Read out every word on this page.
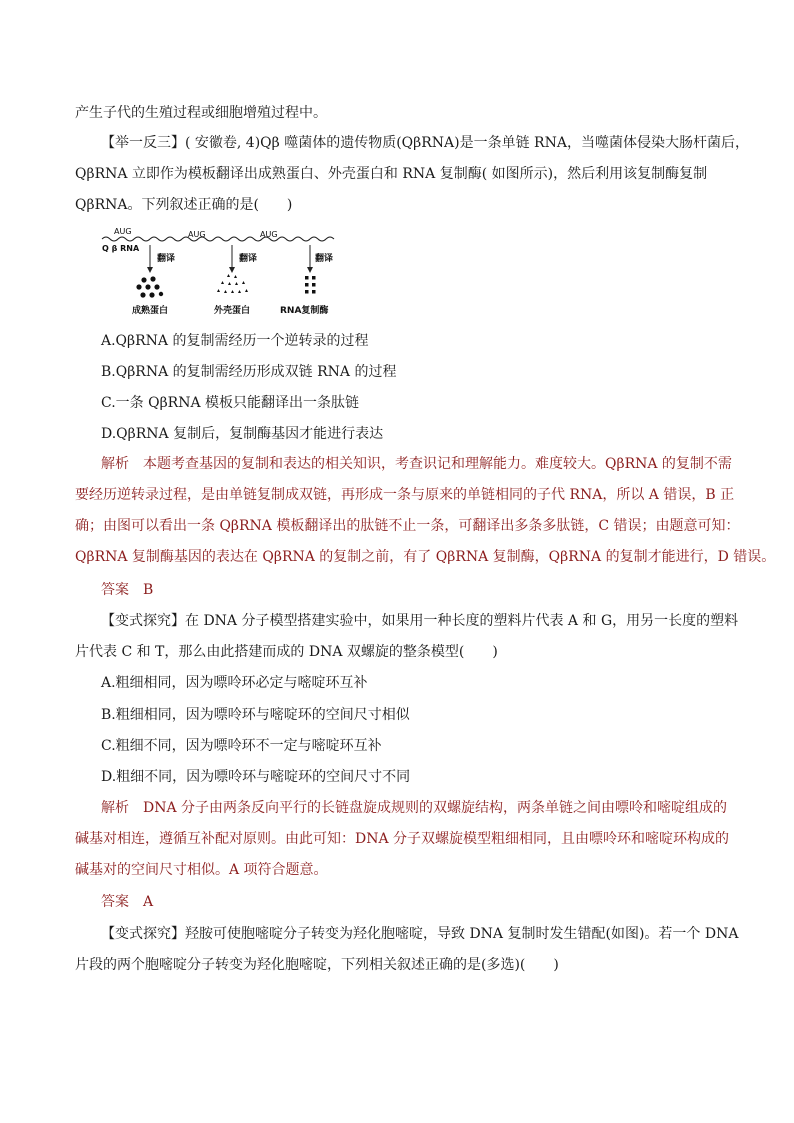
产生子代的生殖过程或细胞增殖过程中。
【举一反三】( 安徽卷, 4)Qβ 噬菌体的遗传物质(QβRNA)是一条单链 RNA，当噬菌体侵染大肠杆菌后，
QβRNA 立即作为模板翻译出成熟蛋白、外壳蛋白和 RNA 复制酶( 如图所示)，然后利用该复制酶复制
QβRNA。下列叙述正确的是(　　)
AUG	AUG	AUG
Q β RNA
翻译	翻译	翻译
成熟蛋白	外壳蛋白	RNA复制酶
A.QβRNA 的复制需经历一个逆转录的过程
B.QβRNA 的复制需经历形成双链 RNA 的过程
C.一条 QβRNA 模板只能翻译出一条肽链
D.QβRNA 复制后，复制酶基因才能进行表达
解析　本题考查基因的复制和表达的相关知识，考查识记和理解能力。难度较大。QβRNA 的复制不需
要经历逆转录过程，是由单链复制成双链，再形成一条与原来的单链相同的子代 RNA，所以 A 错误，B 正
确；由图可以看出一条 QβRNA 模板翻译出的肽链不止一条，可翻译出多条多肽链，C 错误；由题意可知：
QβRNA 复制酶基因的表达在 QβRNA 的复制之前，有了 QβRNA 复制酶，QβRNA 的复制才能进行，D 错误。
答案　B
【变式探究】在 DNA 分子模型搭建实验中，如果用一种长度的塑料片代表 A 和 G，用另一长度的塑料
片代表 C 和 T，那么由此搭建而成的 DNA 双螺旋的整条模型(　　)
A.粗细相同，因为嘌呤环必定与嘧啶环互补
B.粗细相同，因为嘌呤环与嘧啶环的空间尺寸相似
C.粗细不同，因为嘌呤环不一定与嘧啶环互补
D.粗细不同，因为嘌呤环与嘧啶环的空间尺寸不同
解析　DNA 分子由两条反向平行的长链盘旋成规则的双螺旋结构，两条单链之间由嘌呤和嘧啶组成的
碱基对相连，遵循互补配对原则。由此可知：DNA 分子双螺旋模型粗细相同，且由嘌呤环和嘧啶环构成的
碱基对的空间尺寸相似。A 项符合题意。
答案　A
【变式探究】羟胺可使胞嘧啶分子转变为羟化胞嘧啶，导致 DNA 复制时发生错配(如图)。若一个 DNA
片段的两个胞嘧啶分子转变为羟化胞嘧啶，下列相关叙述正确的是(多选)(　　)
